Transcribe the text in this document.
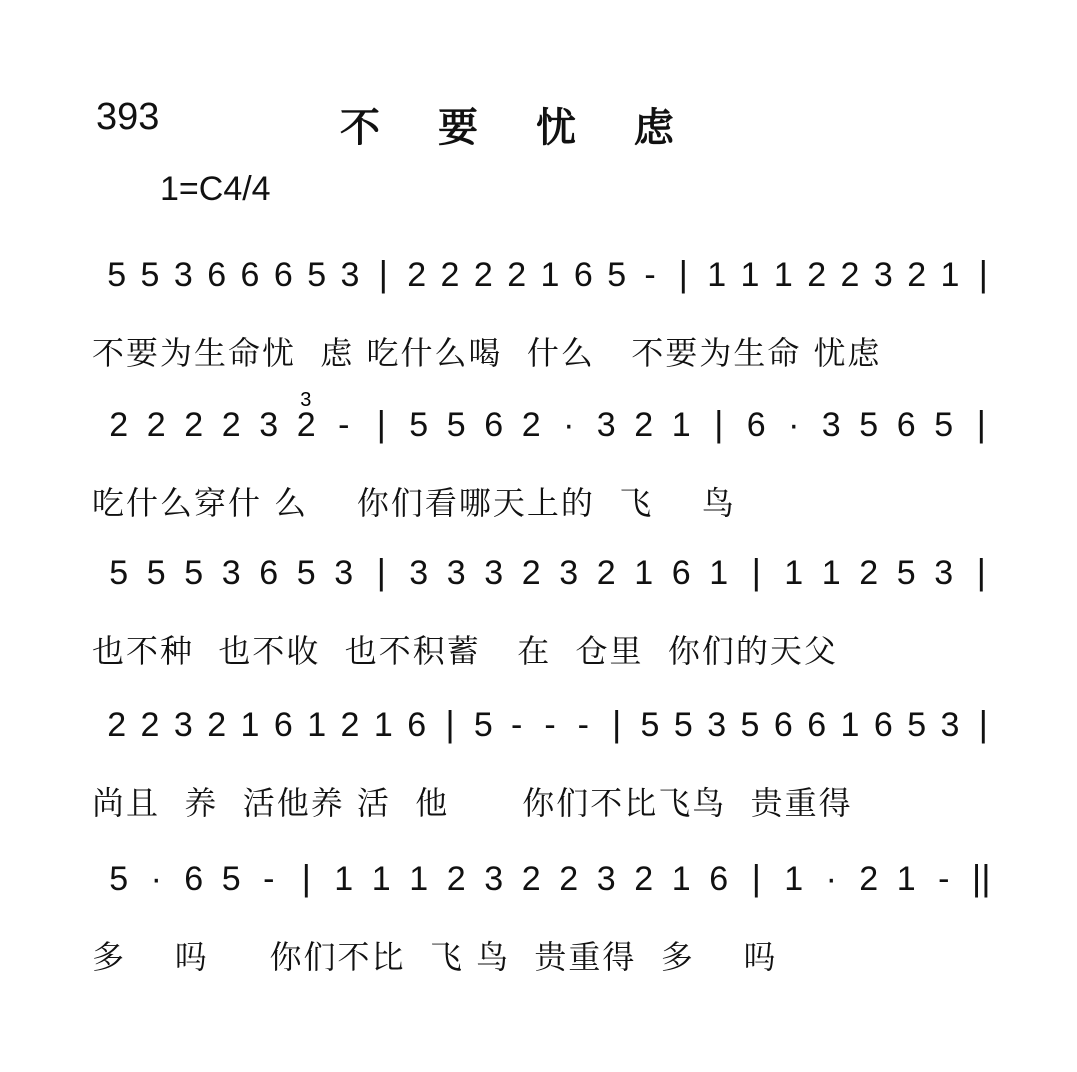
393	不要忧虑
1=C4/4
5 5 3 6 6 6 5 3 | 2 2 2 2 1 6 5 - | 1 1 1 2 2 3 2 1 |
不要为生命忧  虑 吃什么喝  什么   不要为生命 忧虑
2 2 2 2 3 2 - | 5 5 6 2 · 3 2 1 | 6 · 3 5 6 5 |
3
吃什么穿什 么    你们看哪天上的  飞    鸟
5 5 5 3 6 5 3 | 3 3 3 2 3 2 1 6 1 | 1 1 2 5 3 |
也不种  也不收  也不积蓄   在  仓里  你们的天父
2 2 3 2 1 6 1 2 1 6 | 5 - - - | 5 5 3 5 6 6 1 6 5 3 |
尚且  养  活他养 活  他      你们不比飞鸟  贵重得
5 · 6 5 - | 1 1 1 2 3 2 2 3 2 1 6 | 1 · 2 1 - ||
多    吗     你们不比  飞 鸟  贵重得  多    吗
